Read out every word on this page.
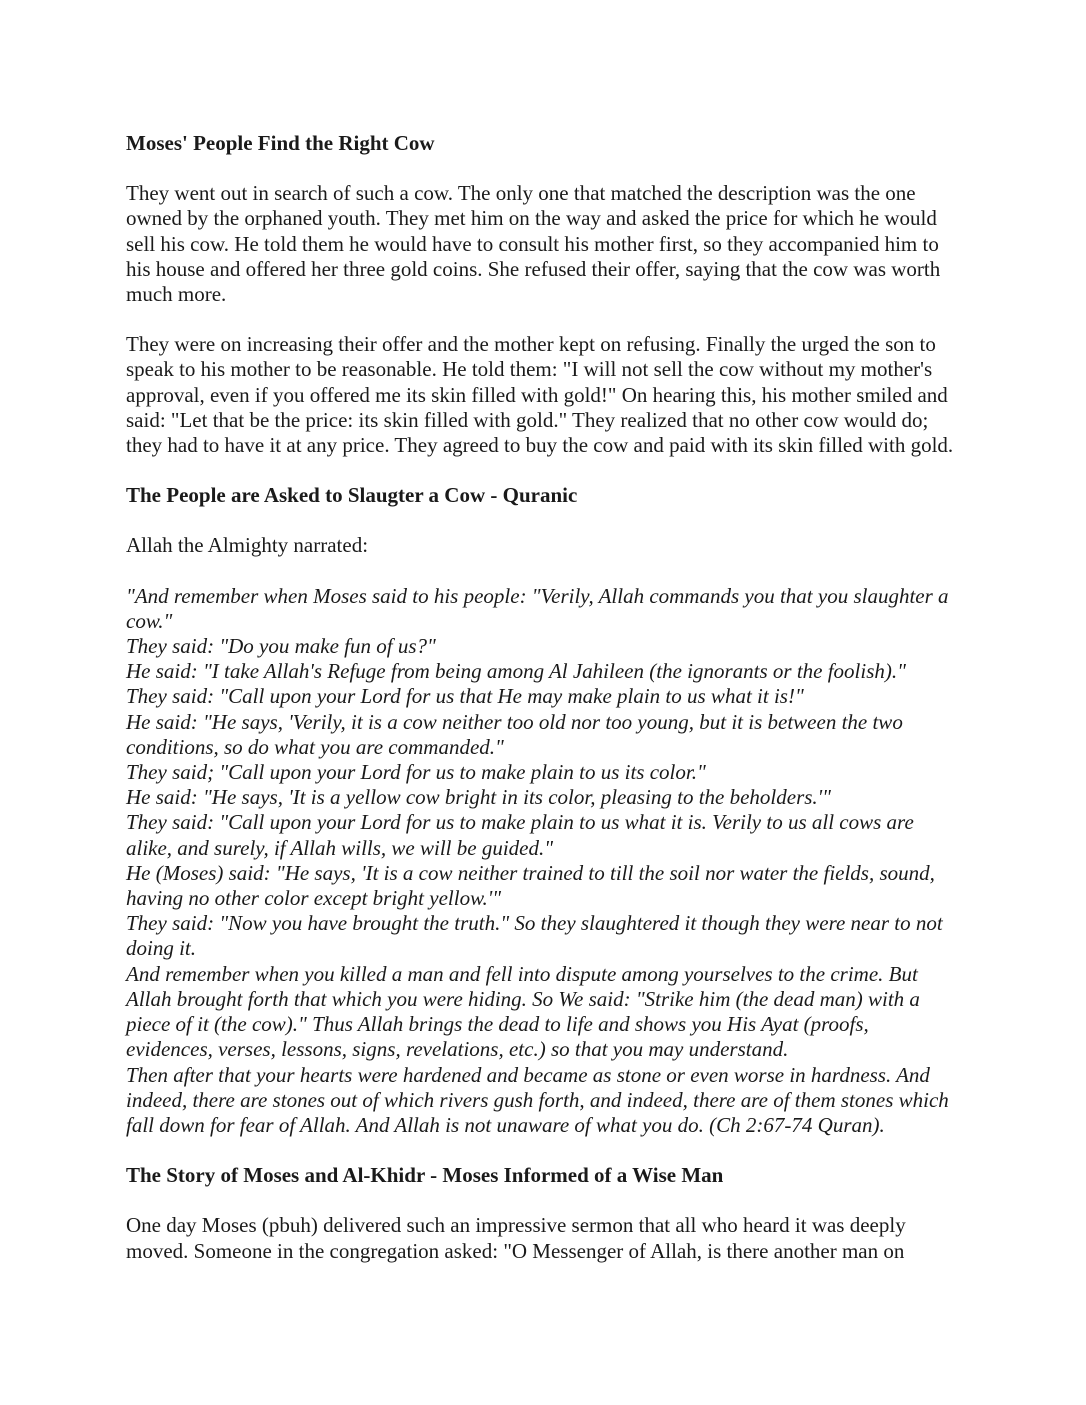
Moses' People Find the Right Cow

They went out in search of such a cow. The only one that matched the description was the one owned by the orphaned youth. They met him on the way and asked the price for which he would sell his cow. He told them he would have to consult his mother first, so they accompanied him to his house and offered her three gold coins. She refused their offer, saying that the cow was worth much more.

They were on increasing their offer and the mother kept on refusing. Finally the urged the son to speak to his mother to be reasonable. He told them: "I will not sell the cow without my mother's approval, even if you offered me its skin filled with gold!" On hearing this, his mother smiled and said: "Let that be the price: its skin filled with gold." They realized that no other cow would do; they had to have it at any price. They agreed to buy the cow and paid with its skin filled with gold.

The People are Asked to Slaugter a Cow - Quranic

Allah the Almighty narrated:

"And remember when Moses said to his people: "Verily, Allah commands you that you slaughter a cow."

They said: "Do you make fun of us?"

He said: "I take Allah's Refuge from being among Al Jahileen (the ignorants or the foolish)."

They said: "Call upon your Lord for us that He may make plain to us what it is!"

He said: "He says, 'Verily, it is a cow neither too old nor too young, but it is between the two conditions, so do what you are commanded."

They said; "Call upon your Lord for us to make plain to us its color."

He said: "He says, 'It is a yellow cow bright in its color, pleasing to the beholders.'"

They said: "Call upon your Lord for us to make plain to us what it is. Verily to us all cows are alike, and surely, if Allah wills, we will be guided."

He (Moses) said: "He says, 'It is a cow neither trained to till the soil nor water the fields, sound, having no other color except bright yellow.'"

They said: "Now you have brought the truth." So they slaughtered it though they were near to not doing it.

And remember when you killed a man and fell into dispute among yourselves to the crime. But Allah brought forth that which you were hiding. So We said: "Strike him (the dead man) with a piece of it (the cow)." Thus Allah brings the dead to life and shows you His Ayat (proofs, evidences, verses, lessons, signs, revelations, etc.) so that you may understand.

Then after that your hearts were hardened and became as stone or even worse in hardness. And indeed, there are stones out of which rivers gush forth, and indeed, there are of them stones which fall down for fear of Allah. And Allah is not unaware of what you do. (Ch 2:67-74 Quran).

The Story of Moses and Al-Khidr - Moses Informed of a Wise Man

One day Moses (pbuh) delivered such an impressive sermon that all who heard it was deeply moved. Someone in the congregation asked: "O Messenger of Allah, is there another man on
